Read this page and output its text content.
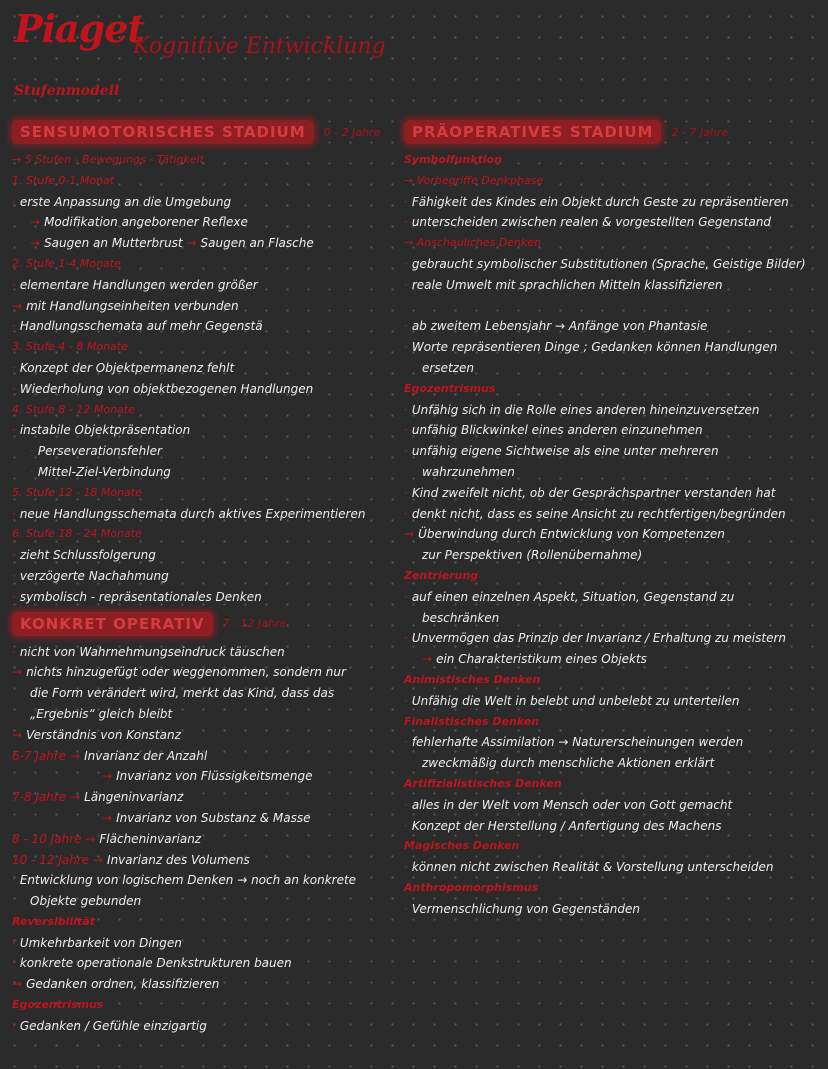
Piaget
Kognitive Entwicklung
Stufenmodell
SENSUMOTORISCHES STADIUM	0 - 2 Jahre
→ 5 Stufen - Bewegungs - Tätigkeit
1. Stufe 0-1 Monat
· erste Anpassung an die Umgebung
→ Modifikation angeborener Reflexe
→ Saugen an Mutterbrust → Saugen an Flasche
2. Stufe 1-4 Monate
· elementare Handlungen werden größer
→ mit Handlungseinheiten verbunden
· Handlungsschemata auf mehr Gegenstä
3. Stufe 4 - 8 Monate
· Konzept der Objektpermanenz fehlt
· Wiederholung von objektbezogenen Handlungen
4. Stufe 8 - 12 Monate
· instabile Objektpräsentation
· Perseverationsfehler
· Mittel-Ziel-Verbindung
5. Stufe 12 - 18 Monate
· neue Handlungsschemata durch aktives Experimentieren
6. Stufe 18 - 24 Monate
· zieht Schlussfolgerung
· verzögerte Nachahmung
· symbolisch - repräsentationales Denken
KONKRET OPERATIV	7 - 12 Jahre
· nicht von Wahrnehmungseindruck täuschen
→ nichts hinzugefügt oder weggenommen, sondern nur
die Form verändert wird, merkt das Kind, dass das
„Ergebnis“ gleich bleibt
→ Verständnis von Konstanz
6-7 Jahre → Invarianz der Anzahl
→ Invarianz von Flüssigkeitsmenge
7-8 Jahre → Längeninvarianz
→ Invarianz von Substanz & Masse
8 - 10 Jahre → Flächeninvarianz
10 - 12 Jahre → Invarianz des Volumens
· Entwicklung von logischem Denken → noch an konkrete
Objekte gebunden
Reversibilität
· Umkehrbarkeit von Dingen
· konkrete operationale Denkstrukturen bauen
→ Gedanken ordnen, klassifizieren
Egozentrismus
· Gedanken / Gefühle einzigartig
PRÄOPERATIVES STADIUM	2 - 7 Jahre
Symbolfunktion
→ Vorbegriffe Denkphase
· Fähigkeit des Kindes ein Objekt durch Geste zu repräsentieren
· unterscheiden zwischen realen & vorgestellten Gegenstand
→ Anschauliches Denken
· gebraucht symbolischer Substitutionen (Sprache, Geistige Bilder)
· reale Umwelt mit sprachlichen Mitteln klassifizieren
· ab zweitem Lebensjahr → Anfänge von Phantasie
· Worte repräsentieren Dinge ; Gedanken können Handlungen
ersetzen
Egozentrismus
· Unfähig sich in die Rolle eines anderen hineinzuversetzen
· unfähig Blickwinkel eines anderen einzunehmen
· unfähig eigene Sichtweise als eine unter mehreren
wahrzunehmen
· Kind zweifelt nicht, ob der Gesprächspartner verstanden hat
· denkt nicht, dass es seine Ansicht zu rechtfertigen/begründen
→ Überwindung durch Entwicklung von Kompetenzen
zur Perspektiven (Rollenübernahme)
Zentrierung
· auf einen einzelnen Aspekt, Situation, Gegenstand zu
beschränken
· Unvermögen das Prinzip der Invarianz / Erhaltung zu meistern
→ ein Charakteristikum eines Objekts
Animistisches Denken
· Unfähig die Welt in belebt und unbelebt zu unterteilen
Finalistisches Denken
· fehlerhafte Assimilation → Naturerscheinungen werden
zweckmäßig durch menschliche Aktionen erklärt
Artifizialistisches Denken
· alles in der Welt vom Mensch oder von Gott gemacht
· Konzept der Herstellung / Anfertigung des Machens
Magisches Denken
· können nicht zwischen Realität & Vorstellung unterscheiden
Anthropomorphismus
· Vermenschlichung von Gegenständen
